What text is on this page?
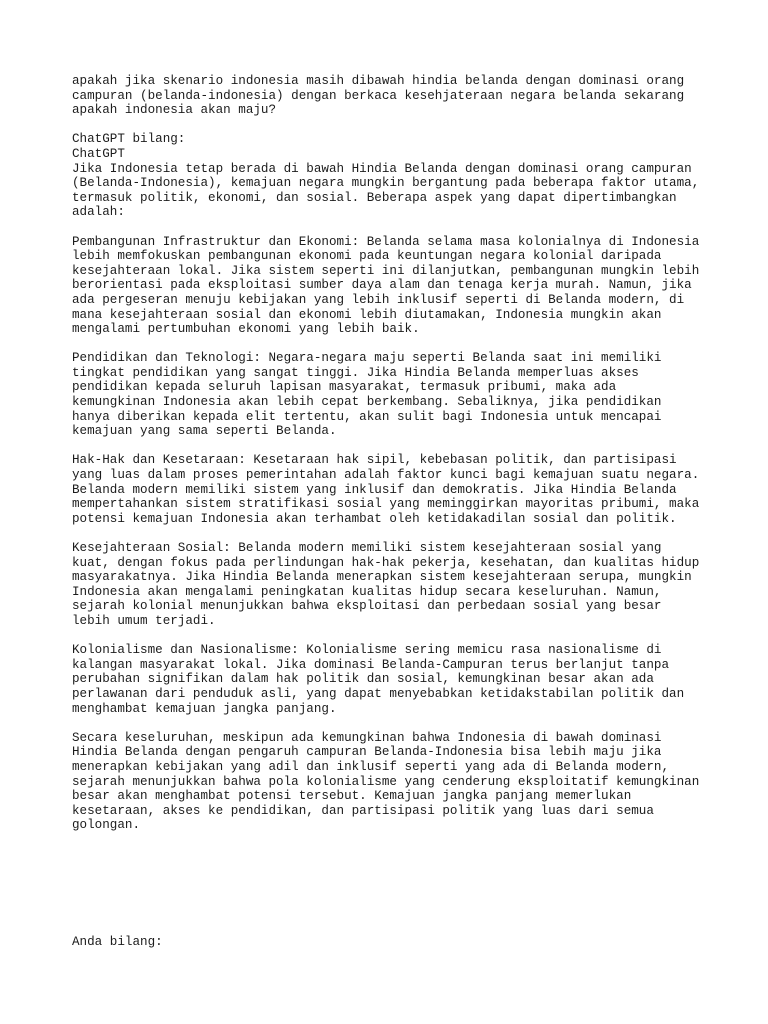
apakah jika skenario indonesia masih dibawah hindia belanda dengan dominasi orang
campuran (belanda-indonesia) dengan berkaca kesehjateraan negara belanda sekarang
apakah indonesia akan maju?
ChatGPT bilang:
ChatGPT
Jika Indonesia tetap berada di bawah Hindia Belanda dengan dominasi orang campuran
(Belanda-Indonesia), kemajuan negara mungkin bergantung pada beberapa faktor utama,
termasuk politik, ekonomi, dan sosial. Beberapa aspek yang dapat dipertimbangkan
adalah:
Pembangunan Infrastruktur dan Ekonomi: Belanda selama masa kolonialnya di Indonesia
lebih memfokuskan pembangunan ekonomi pada keuntungan negara kolonial daripada
kesejahteraan lokal. Jika sistem seperti ini dilanjutkan, pembangunan mungkin lebih
berorientasi pada eksploitasi sumber daya alam dan tenaga kerja murah. Namun, jika
ada pergeseran menuju kebijakan yang lebih inklusif seperti di Belanda modern, di
mana kesejahteraan sosial dan ekonomi lebih diutamakan, Indonesia mungkin akan
mengalami pertumbuhan ekonomi yang lebih baik.
Pendidikan dan Teknologi: Negara-negara maju seperti Belanda saat ini memiliki
tingkat pendidikan yang sangat tinggi. Jika Hindia Belanda memperluas akses
pendidikan kepada seluruh lapisan masyarakat, termasuk pribumi, maka ada
kemungkinan Indonesia akan lebih cepat berkembang. Sebaliknya, jika pendidikan
hanya diberikan kepada elit tertentu, akan sulit bagi Indonesia untuk mencapai
kemajuan yang sama seperti Belanda.
Hak-Hak dan Kesetaraan: Kesetaraan hak sipil, kebebasan politik, dan partisipasi
yang luas dalam proses pemerintahan adalah faktor kunci bagi kemajuan suatu negara.
Belanda modern memiliki sistem yang inklusif dan demokratis. Jika Hindia Belanda
mempertahankan sistem stratifikasi sosial yang meminggirkan mayoritas pribumi, maka
potensi kemajuan Indonesia akan terhambat oleh ketidakadilan sosial dan politik.
Kesejahteraan Sosial: Belanda modern memiliki sistem kesejahteraan sosial yang
kuat, dengan fokus pada perlindungan hak-hak pekerja, kesehatan, dan kualitas hidup
masyarakatnya. Jika Hindia Belanda menerapkan sistem kesejahteraan serupa, mungkin
Indonesia akan mengalami peningkatan kualitas hidup secara keseluruhan. Namun,
sejarah kolonial menunjukkan bahwa eksploitasi dan perbedaan sosial yang besar
lebih umum terjadi.
Kolonialisme dan Nasionalisme: Kolonialisme sering memicu rasa nasionalisme di
kalangan masyarakat lokal. Jika dominasi Belanda-Campuran terus berlanjut tanpa
perubahan signifikan dalam hak politik dan sosial, kemungkinan besar akan ada
perlawanan dari penduduk asli, yang dapat menyebabkan ketidakstabilan politik dan
menghambat kemajuan jangka panjang.
Secara keseluruhan, meskipun ada kemungkinan bahwa Indonesia di bawah dominasi
Hindia Belanda dengan pengaruh campuran Belanda-Indonesia bisa lebih maju jika
menerapkan kebijakan yang adil dan inklusif seperti yang ada di Belanda modern,
sejarah menunjukkan bahwa pola kolonialisme yang cenderung eksploitatif kemungkinan
besar akan menghambat potensi tersebut. Kemajuan jangka panjang memerlukan
kesetaraan, akses ke pendidikan, dan partisipasi politik yang luas dari semua
golongan.
Anda bilang:
